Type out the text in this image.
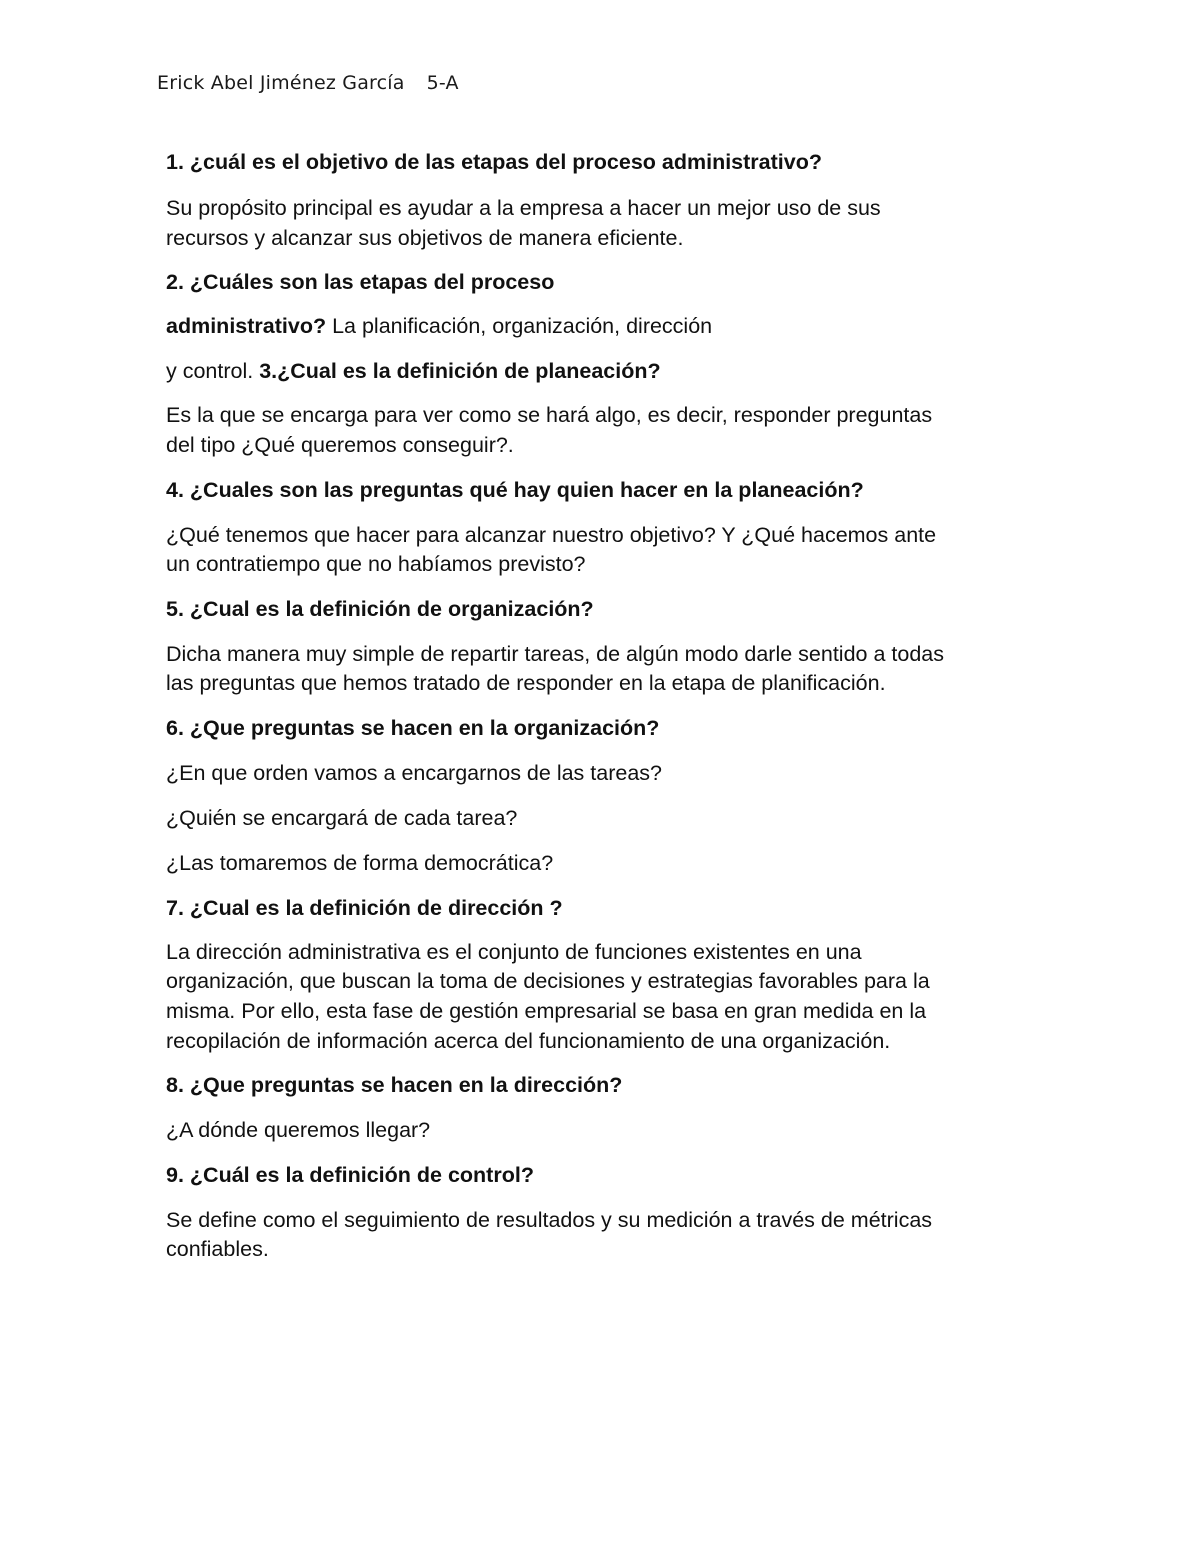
Erick Abel Jiménez García 5-A
1. ¿cuál es el objetivo de las etapas del proceso administrativo?
Su propósito principal es ayudar a la empresa a hacer un mejor uso de sus
recursos y alcanzar sus objetivos de manera eficiente.
2. ¿Cuáles son las etapas del proceso
administrativo? La planificación, organización, dirección
y control. 3.¿Cual es la definición de planeación?
Es la que se encarga para ver como se hará algo, es decir, responder preguntas
del tipo ¿Qué queremos conseguir?.
4. ¿Cuales son las preguntas qué hay quien hacer en la planeación?
¿Qué tenemos que hacer para alcanzar nuestro objetivo? Y ¿Qué hacemos ante
un contratiempo que no habíamos previsto?
5. ¿Cual es la definición de organización?
Dicha manera muy simple de repartir tareas, de algún modo darle sentido a todas
las preguntas que hemos tratado de responder en la etapa de planificación.
6. ¿Que preguntas se hacen en la organización?
¿En que orden vamos a encargarnos de las tareas?
¿Quién se encargará de cada tarea?
¿Las tomaremos de forma democrática?
7. ¿Cual es la definición de dirección ?
La dirección administrativa es el conjunto de funciones existentes en una
organización, que buscan la toma de decisiones y estrategias favorables para la
misma. Por ello, esta fase de gestión empresarial se basa en gran medida en la
recopilación de información acerca del funcionamiento de una organización.
8. ¿Que preguntas se hacen en la dirección?
¿A dónde queremos llegar?
9. ¿Cuál es la definición de control?
Se define como el seguimiento de resultados y su medición a través de métricas
confiables.
